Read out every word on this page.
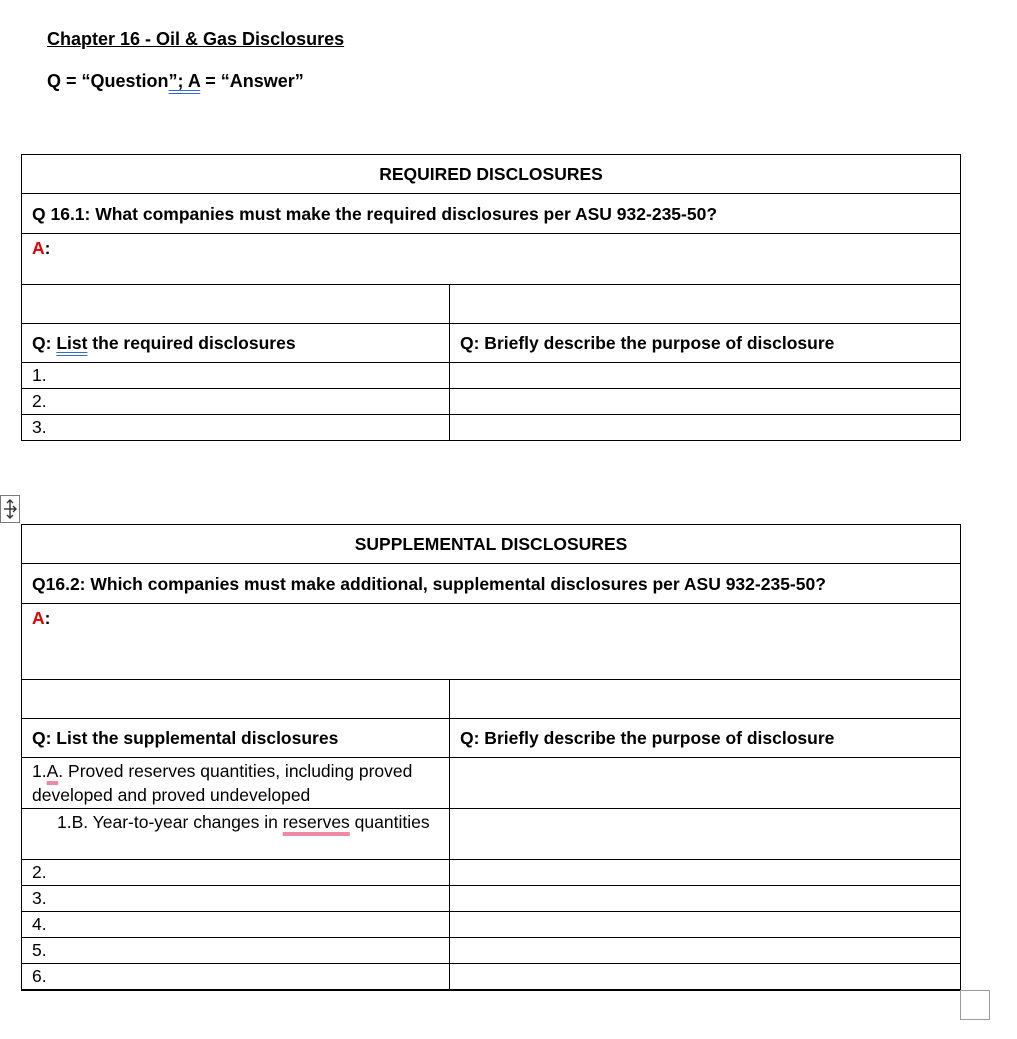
Chapter 16 - Oil & Gas Disclosures
Q = “Question”; A = “Answer”
REQUIRED DISCLOSURES	
Q 16.1: What companies must make the required disclosures per ASU 932-235-50?	
A:	

Q: List the required disclosures	Q: Briefly describe the purpose of disclosure
1.	
2.	
3.	
SUPPLEMENTAL DISCLOSURES	
Q16.2: Which companies must make additional, supplemental disclosures per ASU 932-235-50?	
A:	

Q: List the supplemental disclosures	Q: Briefly describe the purpose of disclosure
1.A. Proved reserves quantities, including proved developed and proved undeveloped	
1.B. Year-to-year changes in reserves quantities	
2.	
3.	
4.	
5.	
6.	
